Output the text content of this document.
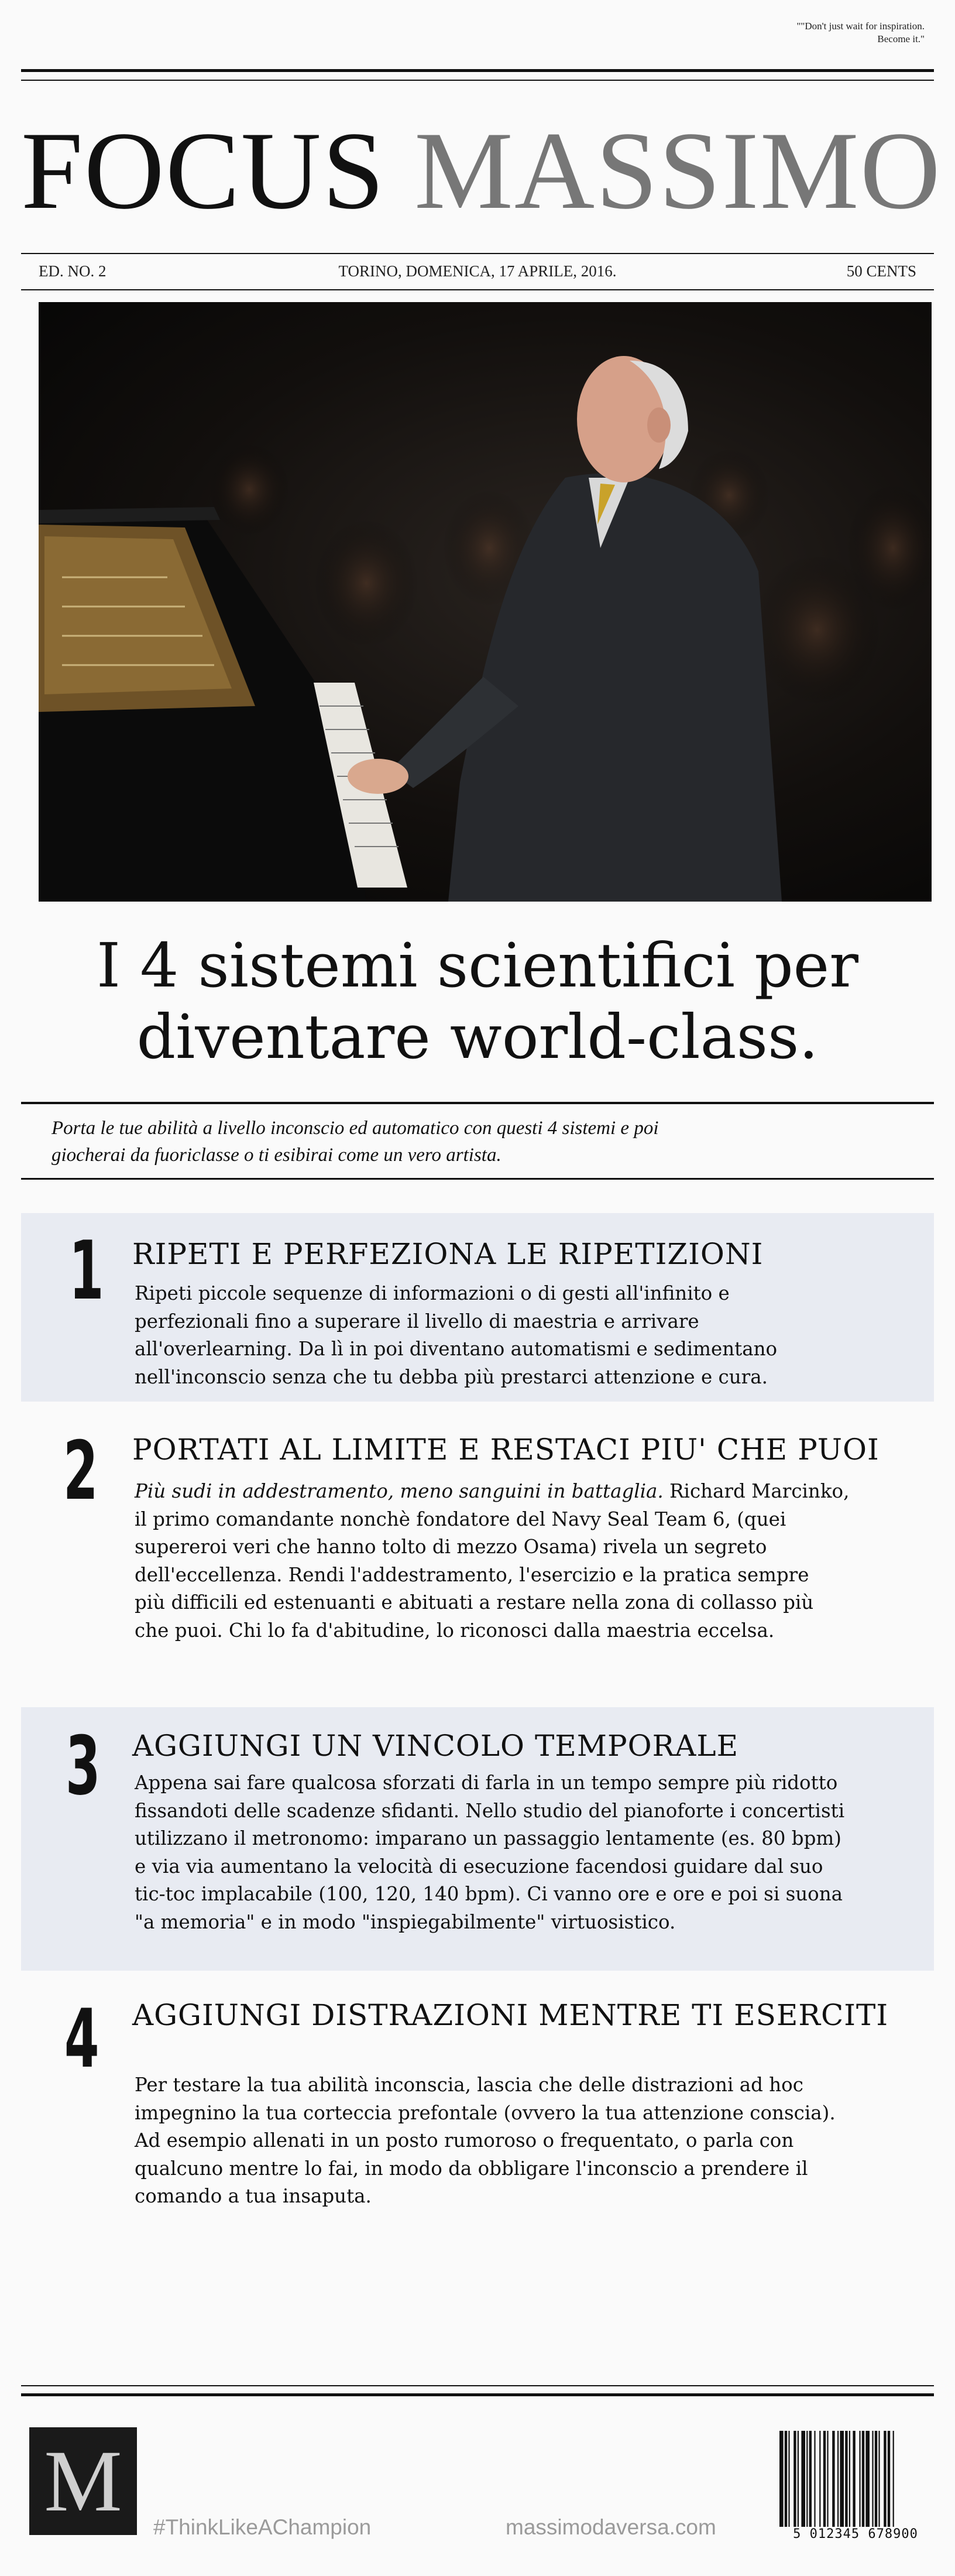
""Don't just wait for inspiration.
Become it."
FOCUS MASSIMO
ED. NO. 2	TORINO, DOMENICA, 17 APRILE, 2016.	50 CENTS
I 4 sistemi scientifici per
diventare world-class.
Porta le tue abilità a livello inconscio ed automatico con questi 4 sistemi e poi
giocherai da fuoriclasse o ti esibirai come un vero artista.
1 RIPETI E PERFEZIONA LE RIPETIZIONI
Ripeti piccole sequenze di informazioni o di gesti all'infinito e
perfezionali fino a superare il livello di maestria e arrivare
all'overlearning. Da lì in poi diventano automatismi e sedimentano
nell'inconscio senza che tu debba più prestarci attenzione e cura.
2 PORTATI AL LIMITE E RESTACI PIU' CHE PUOI
Più sudi in addestramento, meno sanguini in battaglia. Richard Marcinko,
il primo comandante nonchè fondatore del Navy Seal Team 6, (quei
supereroi veri che hanno tolto di mezzo Osama) rivela un segreto
dell'eccellenza. Rendi l'addestramento, l'esercizio e la pratica sempre
più difficili ed estenuanti e abituati a restare nella zona di collasso più
che puoi. Chi lo fa d'abitudine, lo riconosci dalla maestria eccelsa.
3 AGGIUNGI UN VINCOLO TEMPORALE
Appena sai fare qualcosa sforzati di farla in un tempo sempre più ridotto
fissandoti delle scadenze sfidanti. Nello studio del pianoforte i concertisti
utilizzano il metronomo: imparano un passaggio lentamente (es. 80 bpm)
e via via aumentano la velocità di esecuzione facendosi guidare dal suo
tic-toc implacabile (100, 120, 140 bpm). Ci vanno ore e ore e poi si suona
"a memoria" e in modo "inspiegabilmente" virtuosistico.
4 AGGIUNGI DISTRAZIONI MENTRE TI ESERCITI
Per testare la tua abilità inconscia, lascia che delle distrazioni ad hoc
impegnino la tua corteccia prefontale (ovvero la tua attenzione conscia).
Ad esempio allenati in un posto rumoroso o frequentato, o parla con
qualcuno mentre lo fai, in modo da obbligare l'inconscio a prendere il
comando a tua insaputa.
M	#ThinkLikeAChampion	massimodaversa.com	5 012345 678900
